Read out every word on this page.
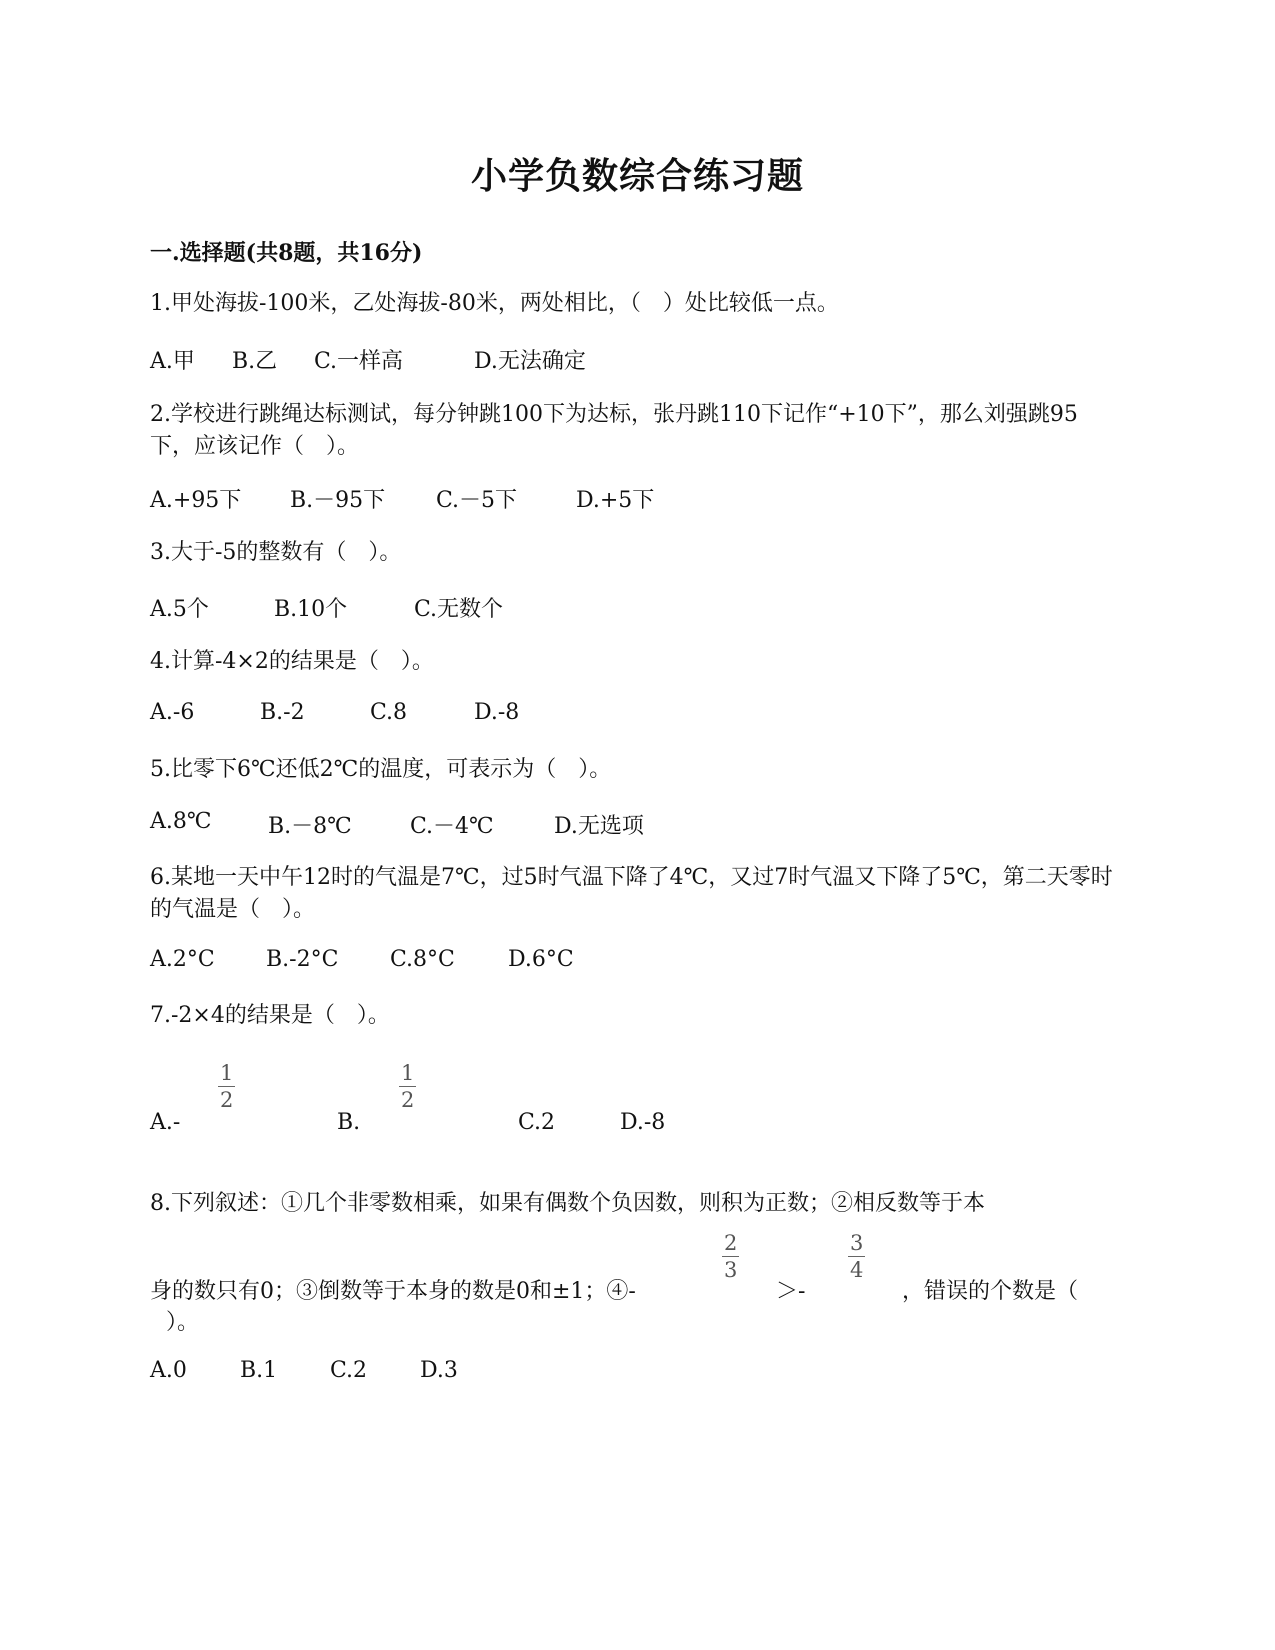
小学负数综合练习题
一.选择题(共8题，共16分)
1.甲处海拔-100米，乙处海拔-80米，两处相比，（　）处比较低一点。
A.甲 B.乙 C.一样高	D.无法确定
2.学校进行跳绳达标测试，每分钟跳100下为达标，张丹跳110下记作“+10下”，那么刘强跳95下，应该记作（　）。
A.+95下 B.－95下 C.－5下	D.+5下
3.大于-5的整数有（　）。
A.5个	B.10个	C.无数个
4.计算-4×2的结果是（　）。
A.-6	B.-2	C.8	D.-8
5.比零下6℃还低2℃的温度，可表示为（　）。
A.8℃	B.－8℃	C.－4℃	D.无选项
6.某地一天中午12时的气温是7℃，过5时气温下降了4℃，又过7时气温又下降了5℃，第二天零时的气温是（　）。
A.2°C B.-2°C C.8°C D.6°C
7.-2×4的结果是（　）。
1
2
1
2
A.-	B.	C.2	D.-8
8.下列叙述：①几个非零数相乘，如果有偶数个负因数，则积为正数；②相反数等于本
身的数只有0；③倒数等于本身的数是0和±1；④-
2
3
＞-
3
4
，错误的个数是（
）。
A.0 B.1 C.2 D.3
